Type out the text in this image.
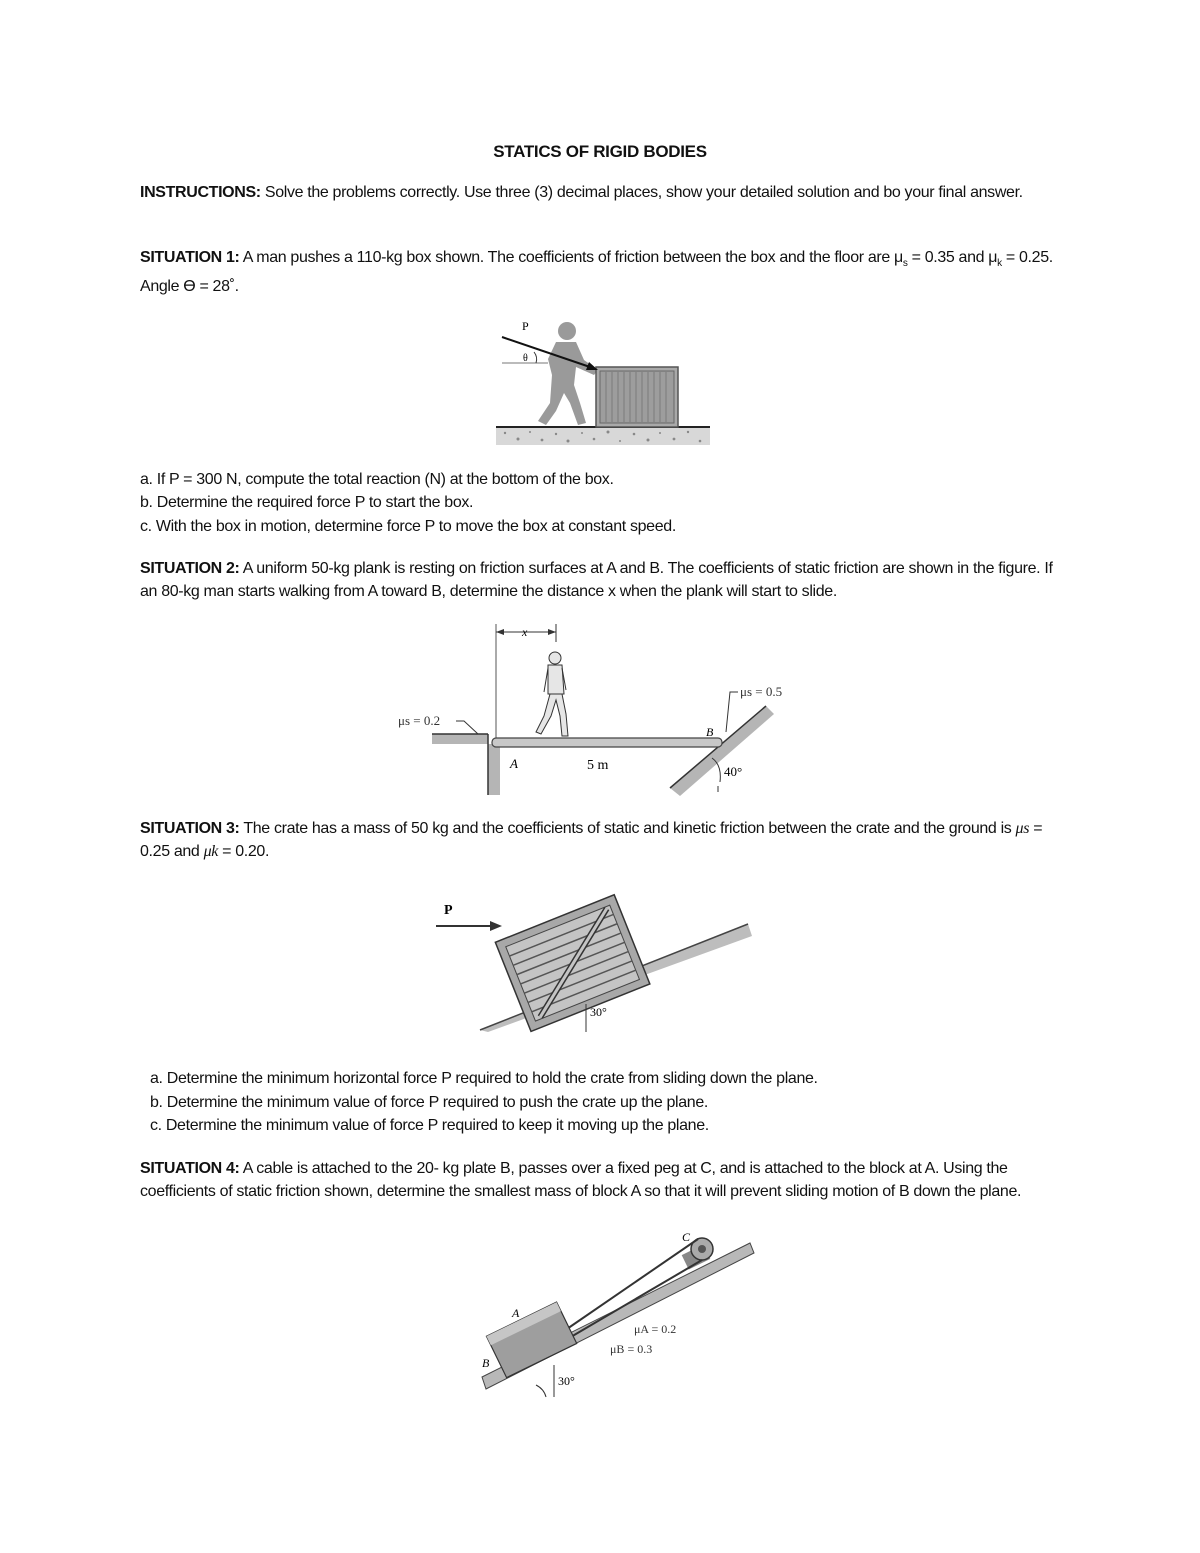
STATICS OF RIGID BODIES

INSTRUCTIONS: Solve the problems correctly. Use three (3) decimal places, show your detailed solution and bo your final answer.

SITUATION 1: A man pushes a 110-kg box shown. The coefficients of friction between the box and the floor are $\mu_s = 0.35$ and $\mu_k = 0.25$. Angle ϴ = 28˚.

P
θ

a. If P = 300 N, compute the total reaction (N) at the bottom of the box.

b. Determine the required force P to start the box.

c. With the box in motion, determine force P to move the box at constant speed.

SITUATION 2: A uniform 50-kg plank is resting on friction surfaces at A and B. The coefficients of static friction are shown in the figure. If an 80-kg man starts walking from A toward B, determine the distance x when the plank will start to slide.

x
μs = 0.2
μs = 0.5
A
B
5 m	40°

SITUATION 3: The crate has a mass of 50 kg and the coefficients of static and kinetic friction between the crate and the ground is μs = 0.25 and μk = 0.20.

P
30°

a. Determine the minimum horizontal force P required to hold the crate from sliding down the plane.

b. Determine the minimum value of force P required to push the crate up the plane.

c. Determine the minimum value of force P required to keep it moving up the plane.

SITUATION 4: A cable is attached to the 20- kg plate B, passes over a fixed peg at C, and is attached to the block at A. Using the coefficients of static friction shown, determine the smallest mass of block A so that it will prevent sliding motion of B down the plane.

30°
A
B
C
μA = 0.2
μB = 0.3
